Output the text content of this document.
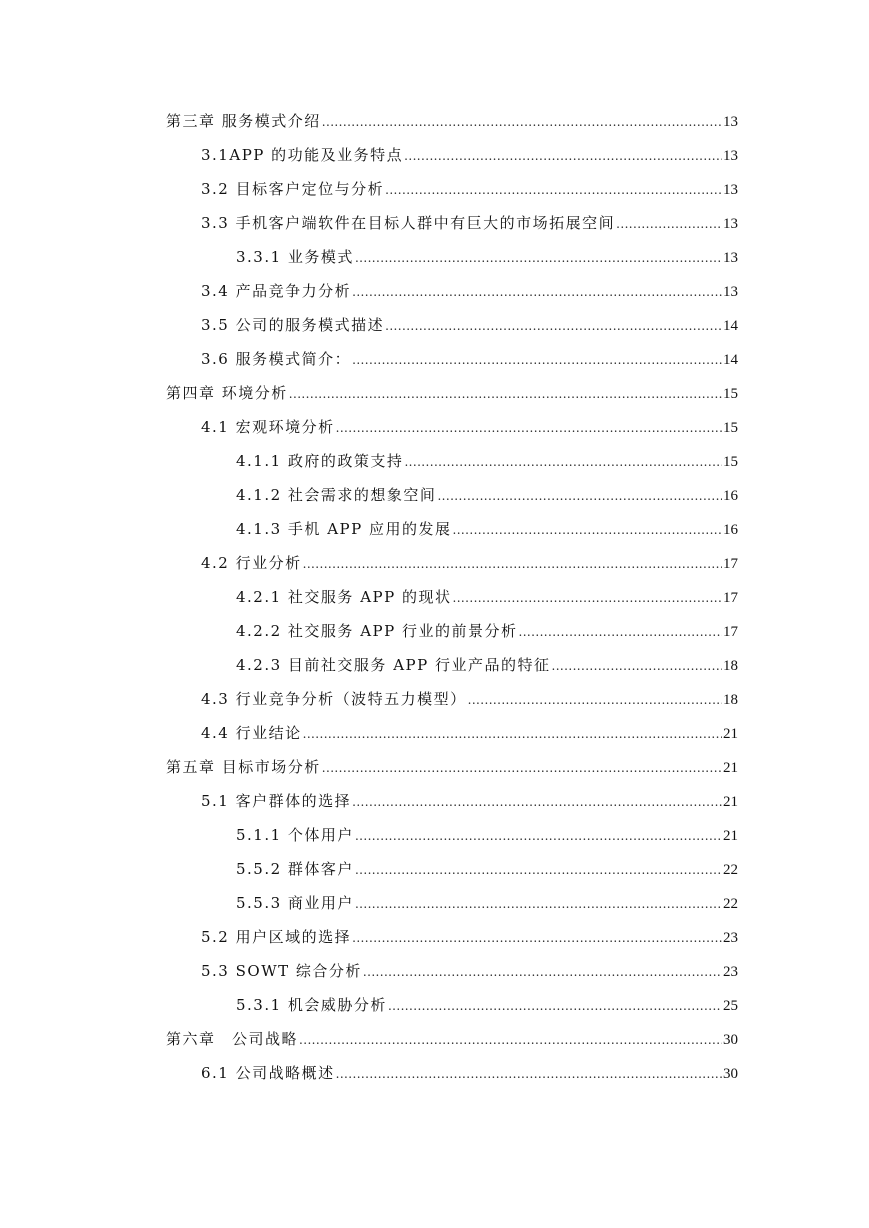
第三章 服务模式介绍 .....	13
3.1APP 的功能及业务特点 .....	13
3.2 目标客户定位与分析 .....	13
3.3 手机客户端软件在目标人群中有巨大的市场拓展空间 .....	13
3.3.1 业务模式 .....	13
3.4 产品竞争力分析 .....	13
3.5 公司的服务模式描述 .....	14
3.6 服务模式简介： .....	14
第四章 环境分析 .....	15
4.1 宏观环境分析 .....	15
4.1.1 政府的政策支持 .....	15
4.1.2 社会需求的想象空间 .....	16
4.1.3 手机 APP 应用的发展 .....	16
4.2 行业分析 .....	17
4.2.1 社交服务 APP 的现状 .....	17
4.2.2 社交服务 APP 行业的前景分析 .....	17
4.2.3 目前社交服务 APP 行业产品的特征 .....	18
4.3 行业竞争分析（波特五力模型） .....	18
4.4 行业结论 .....	21
第五章 目标市场分析 .....	21
5.1 客户群体的选择 .....	21
5.1.1 个体用户 .....	21
5.5.2 群体客户 .....	22
5.5.3 商业用户 .....	22
5.2 用户区域的选择 .....	23
5.3 SOWT 综合分析 .....	23
5.3.1 机会威胁分析 .....	25
第六章　公司战略 .....	30
6.1 公司战略概述 .....	30
